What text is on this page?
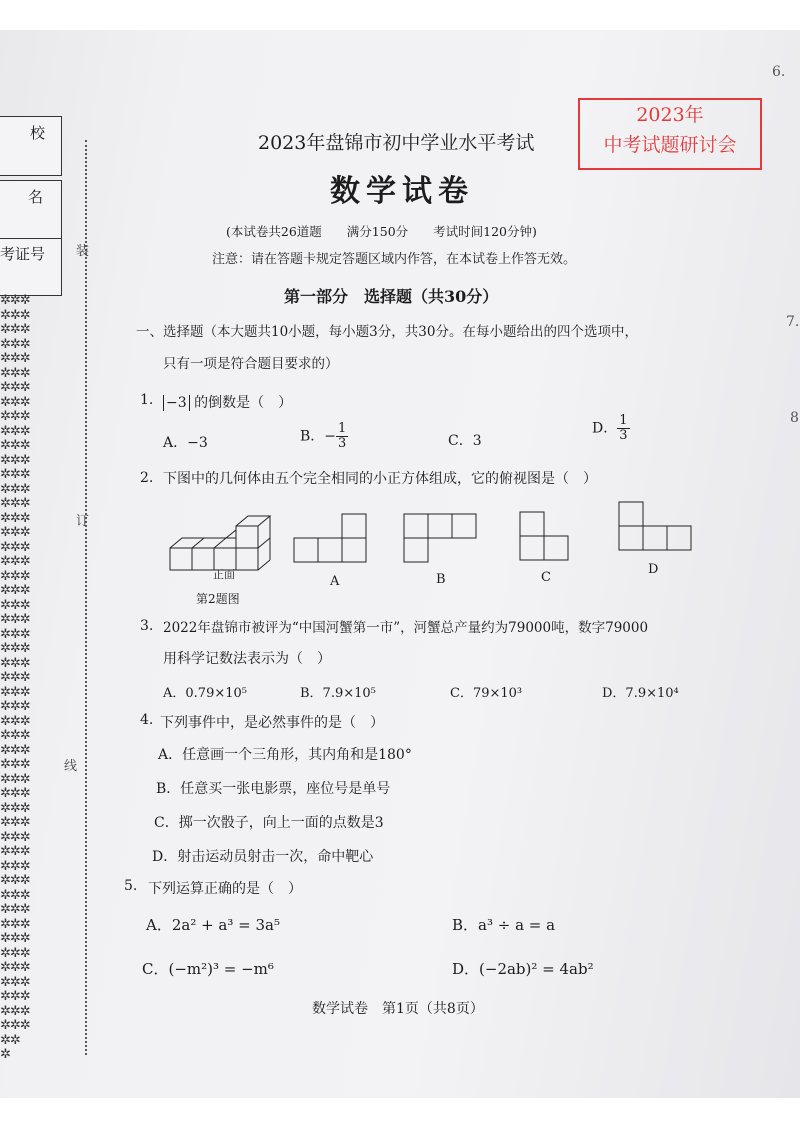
校
名
考证号
✲✲✲
✲✲✲
✲✲✲
✲✲✲
✲✲✲
✲✲✲
✲✲✲
✲✲✲
✲✲✲
✲✲✲
✲✲✲
✲✲✲
✲✲✲
✲✲✲
✲✲✲
✲✲✲
✲✲✲
✲✲✲
✲✲✲
✲✲✲
✲✲✲
✲✲✲
✲✲✲
✲✲✲
✲✲✲
✲✲✲
✲✲✲
✲✲✲
✲✲✲
✲✲✲
✲✲✲
✲✲✲
✲✲✲
✲✲✲
✲✲✲
✲✲✲
✲✲✲
✲✲✲
✲✲✲
✲✲✲
✲✲✲
✲✲✲
✲✲✲
✲✲✲
✲✲✲
✲✲✲
✲✲✲
✲✲✲
✲✲✲
✲✲✲
✲✲✲
✲✲
✲
装
订
线
2023年
中考试题研讨会
2023年盘锦市初中学业水平考试
数学试卷
(本试卷共26道题　　满分150分　　考试时间120分钟)
注意：请在答题卡规定答题区域内作答，在本试卷上作答无效。
第一部分　选择题（共30分）
一、选择题（本大题共10小题，每小题3分，共30分。在每小题给出的四个选项中，
只有一项是符合题目要求的）
1. −3 的倒数是（　）
A．−3	B．− $\frac{1}{3}$	C．3
D． $\frac{1}{3}$
2. 下图中的几何体由五个完全相同的小正方体组成，它的俯视图是（　）
正面
第2题图
A	B	C
D
3. 2022年盘锦市被评为“中国河蟹第一市”，河蟹总产量约为79000吨，数字79000
用科学记数法表示为（　）
A．0.79×10⁵	B．7.9×10⁵	C．79×10³	D．7.9×10⁴
4. 下列事件中，是必然事件的是（　）
A．任意画一个三角形，其内角和是180°
B．任意买一张电影票，座位号是单号
C．掷一次骰子，向上一面的点数是3
D．射击运动员射击一次，命中靶心
5. 下列运算正确的是（　）
A．2a² + a³ = 3a⁵	B．a³ ÷ a = a
C．(−m²)³ = −m⁶	D．(−2ab)² = 4ab²
数学试卷　第1页（共8页）
6.
7.
8
